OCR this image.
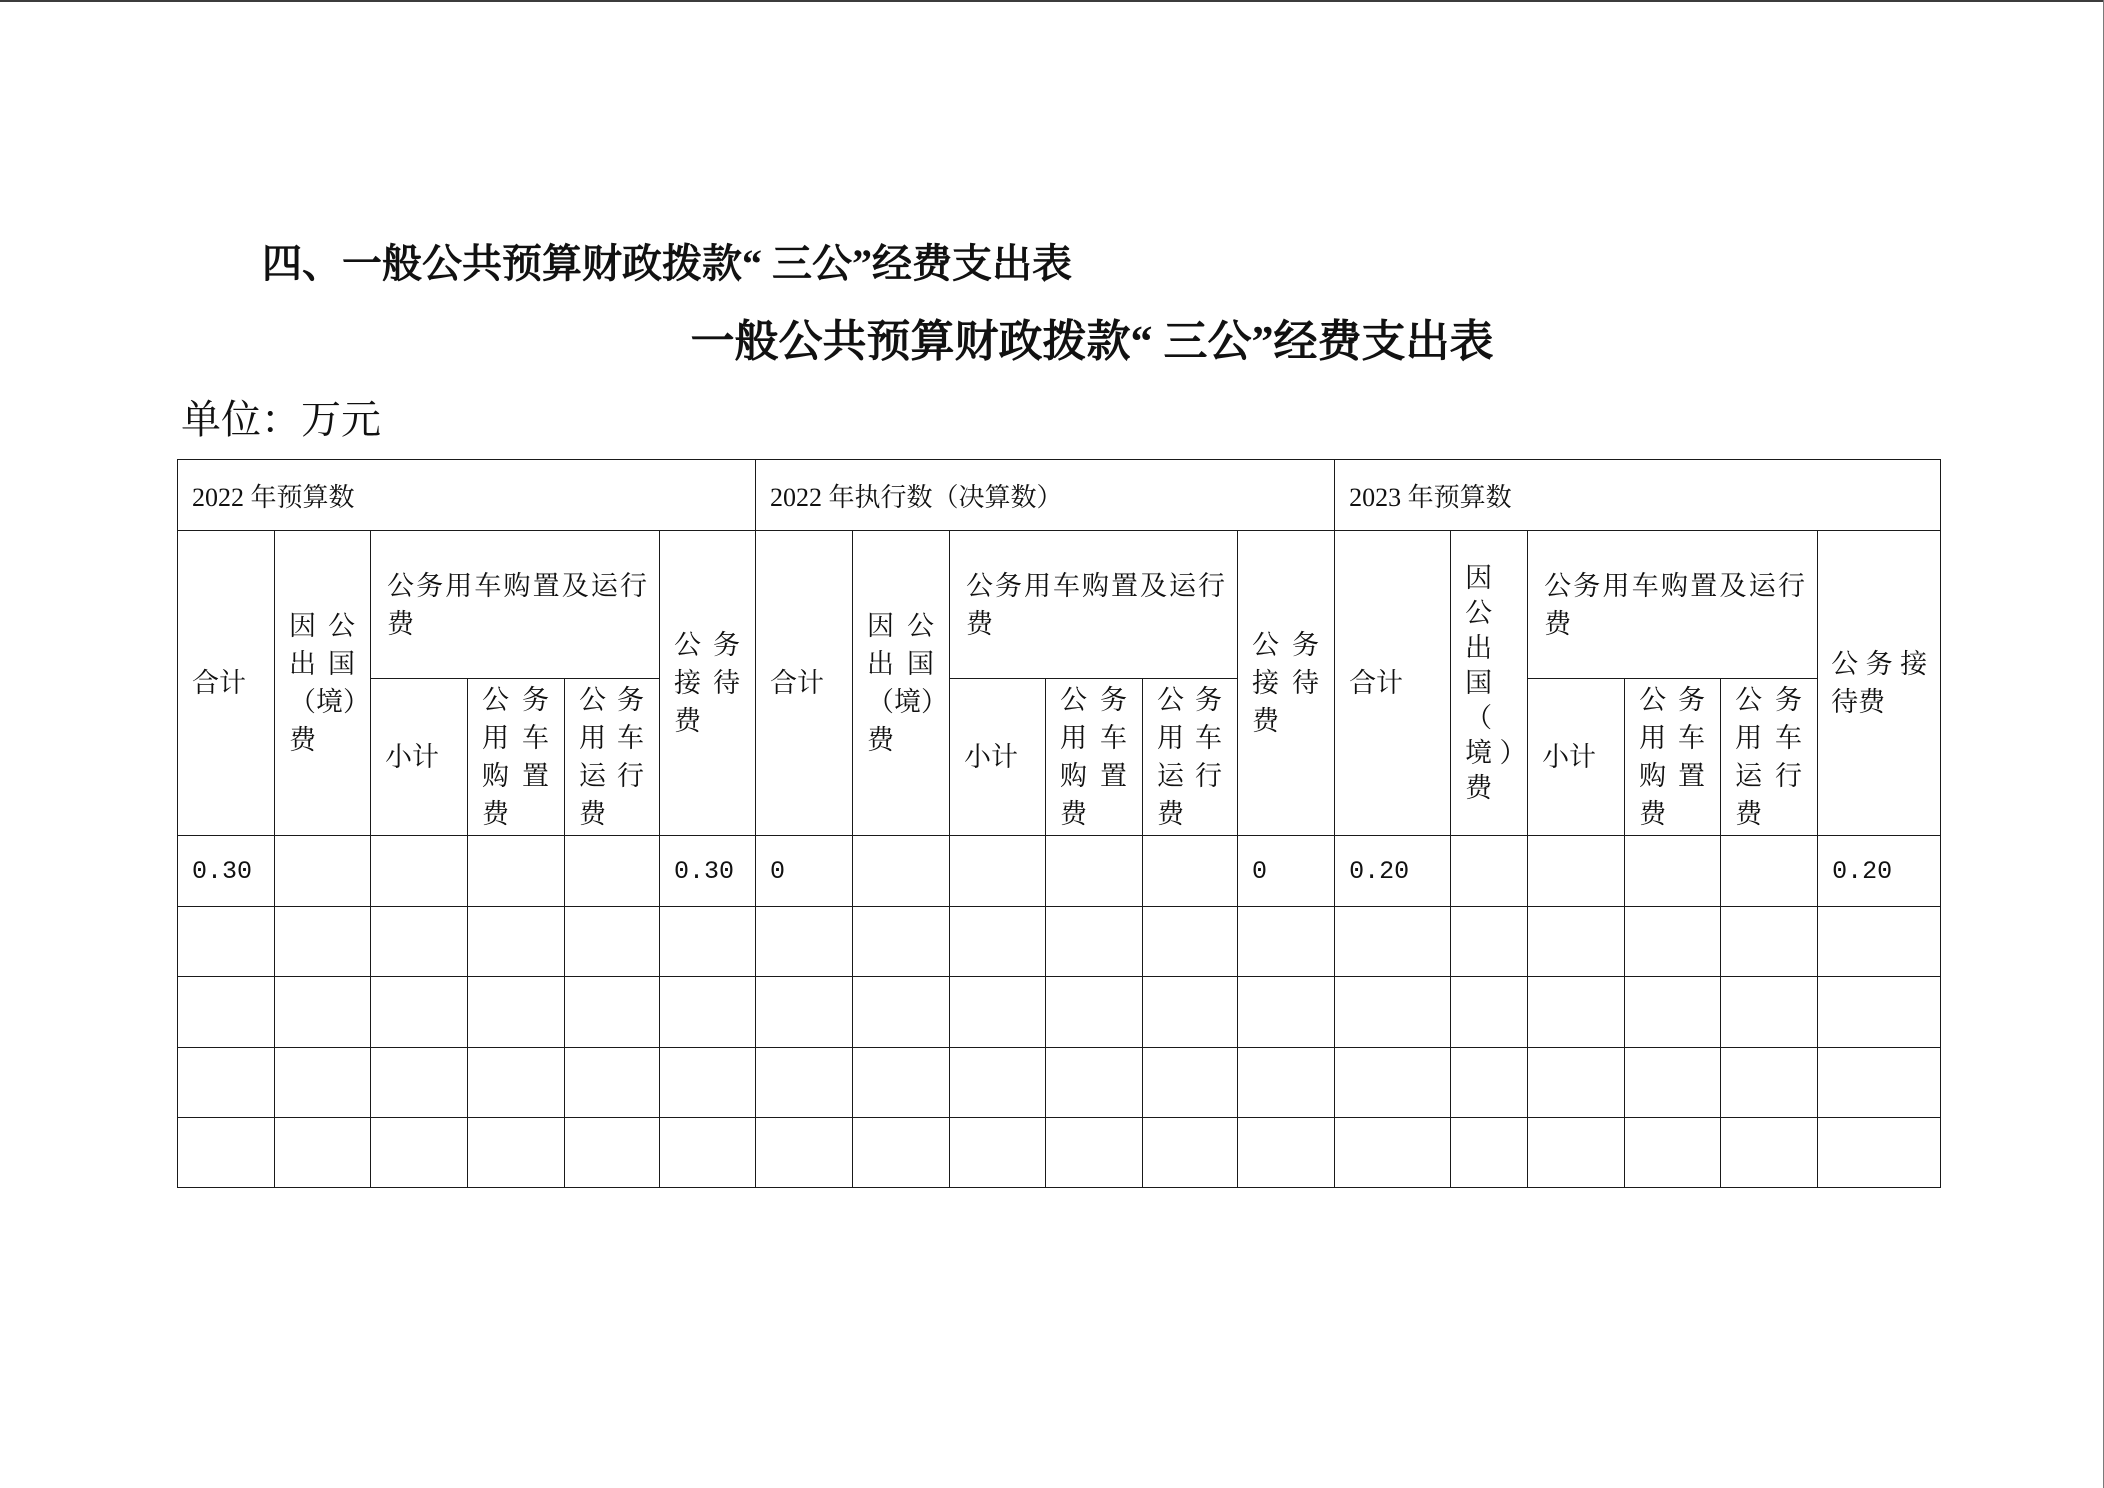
四、一般公共预算财政拨款“ 三公”经费支出表
一般公共预算财政拨款“ 三公”经费支出表
单位：万元
2022 年预算数						2022 年执行数（决算数）						2023 年预算数					
合计	因公出国（境）费	公务用车购置及运行费			公务接待费	合计	因公出国（境）费	公务用车购置及运行费			公务接待费	合计	因公出国（境）费	公务用车购置及运行费			公务接待费
		小计	公务用车购置费	公务用车运行费				小计	公务用车购置费	公务用车运行费				小计	公务用车购置费	公务用车运行费	
0.30					0.30	0					0	0.20					0.20
